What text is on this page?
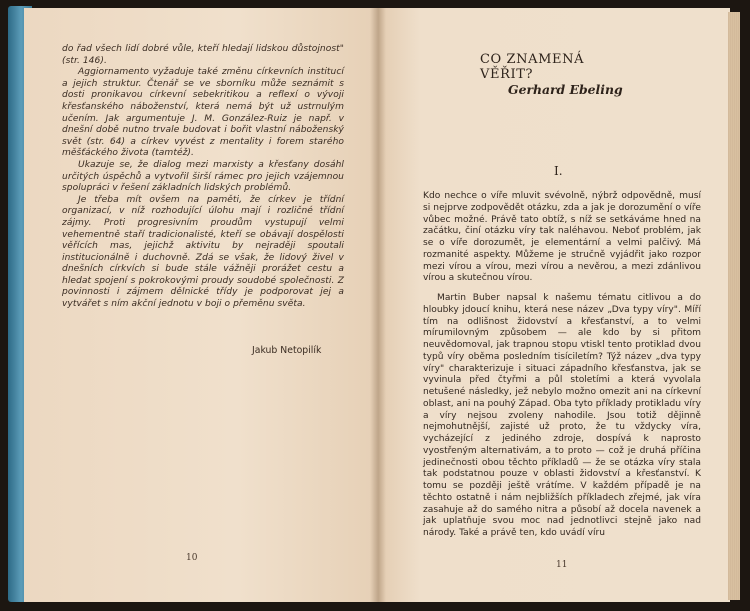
do řad všech lidí dobré vůle, kteří hledají lidskou důstojnost" (str. 146).

Aggiornamento vyžaduje také změnu církevních institucí a jejich struktur. Čtenář se ve sborníku může seznámit s dosti pronikavou církevní sebekritikou a reflexí o vývoji křesťanského náboženství, která nemá být už ustrnulým učením. Jak argumentuje J. M. González-Ruiz je např. v dnešní době nutno trvale budovat i bořit vlastní náboženský svět (str. 64) a církev vyvést z mentality i forem starého měšťáckého života (tamtéž).

Ukazuje se, že dialog mezi marxisty a křesťany dosáhl určitých úspěchů a vytvořil širší rámec pro jejich vzájemnou spolupráci v řešení základních lidských problémů.

Je třeba mít ovšem na paměti, že církev je třídní organizací, v níž rozhodující úlohu mají i rozličné třídní zájmy. Proti progresivním proudům vystupují velmi vehementně staří tradicionalisté, kteří se obávají dospělosti věřících mas, jejichž aktivitu by nejraději spoutali institucionálně i duchovně. Zdá se však, že lidový živel v dnešních církvích si bude stále vážněji prorážet cestu a hledat spojení s pokrokovými proudy soudobé společnosti. Z povinnosti i zájmem dělnické třídy je podporovat jej a vytvářet s ním akční jednotu v boji o přeměnu světa.

Jakub Netopilík
10
CO ZNAMENÁ VĚŘIT?
Gerhard Ebeling
I.

Kdo nechce o víře mluvit svévolně, nýbrž odpovědně, musí si nejprve zodpovědět otázku, zda a jak je dorozumění o víře vůbec možné. Právě tato obtíž, s níž se setkáváme hned na začátku, činí otázku víry tak naléhavou. Neboť problém, jak se o víře dorozumět, je elementární a velmi palčivý. Má rozmanité aspekty. Můžeme je stručně vyjádřit jako rozpor mezi vírou a vírou, mezi vírou a nevěrou, a mezi zdánlivou vírou a skutečnou vírou.

Martin Buber napsal k našemu tématu citlivou a do hloubky jdoucí knihu, která nese název „Dva typy víry". Míří tím na odlišnost židovství a křesťanství, a to velmi mírumilovným způsobem — ale kdo by si přitom neuvědomoval, jak trapnou stopu vtiskl tento protiklad dvou typů víry oběma posledním tisíciletím? Týž název „dva typy víry" charakterizuje i situaci západního křesťanstva, jak se vyvinula před čtyřmi a půl stoletími a která vyvolala netušené následky, jež nebylo možno omezit ani na církevní oblast, ani na pouhý Západ. Oba tyto příklady protikladu víry a víry nejsou zvoleny nahodile. Jsou totiž dějinně nejmohutnější, zajisté už proto, že tu vždycky víra, vycházející z jediného zdroje, dospívá k naprosto vyostřeným alternativám, a to proto — což je druhá příčina jedinečnosti obou těchto příkladů — že se otázka víry stala tak podstatnou pouze v oblasti židovství a křesťanství. K tomu se později ještě vrátíme. V každém případě je na těchto ostatně i nám nejbližších příkladech zřejmé, jak víra zasahuje až do samého nitra a působí až docela navenek a jak uplatňuje svou moc nad jednotlivci stejně jako nad národy. Také a právě ten, kdo uvádí víru

11
